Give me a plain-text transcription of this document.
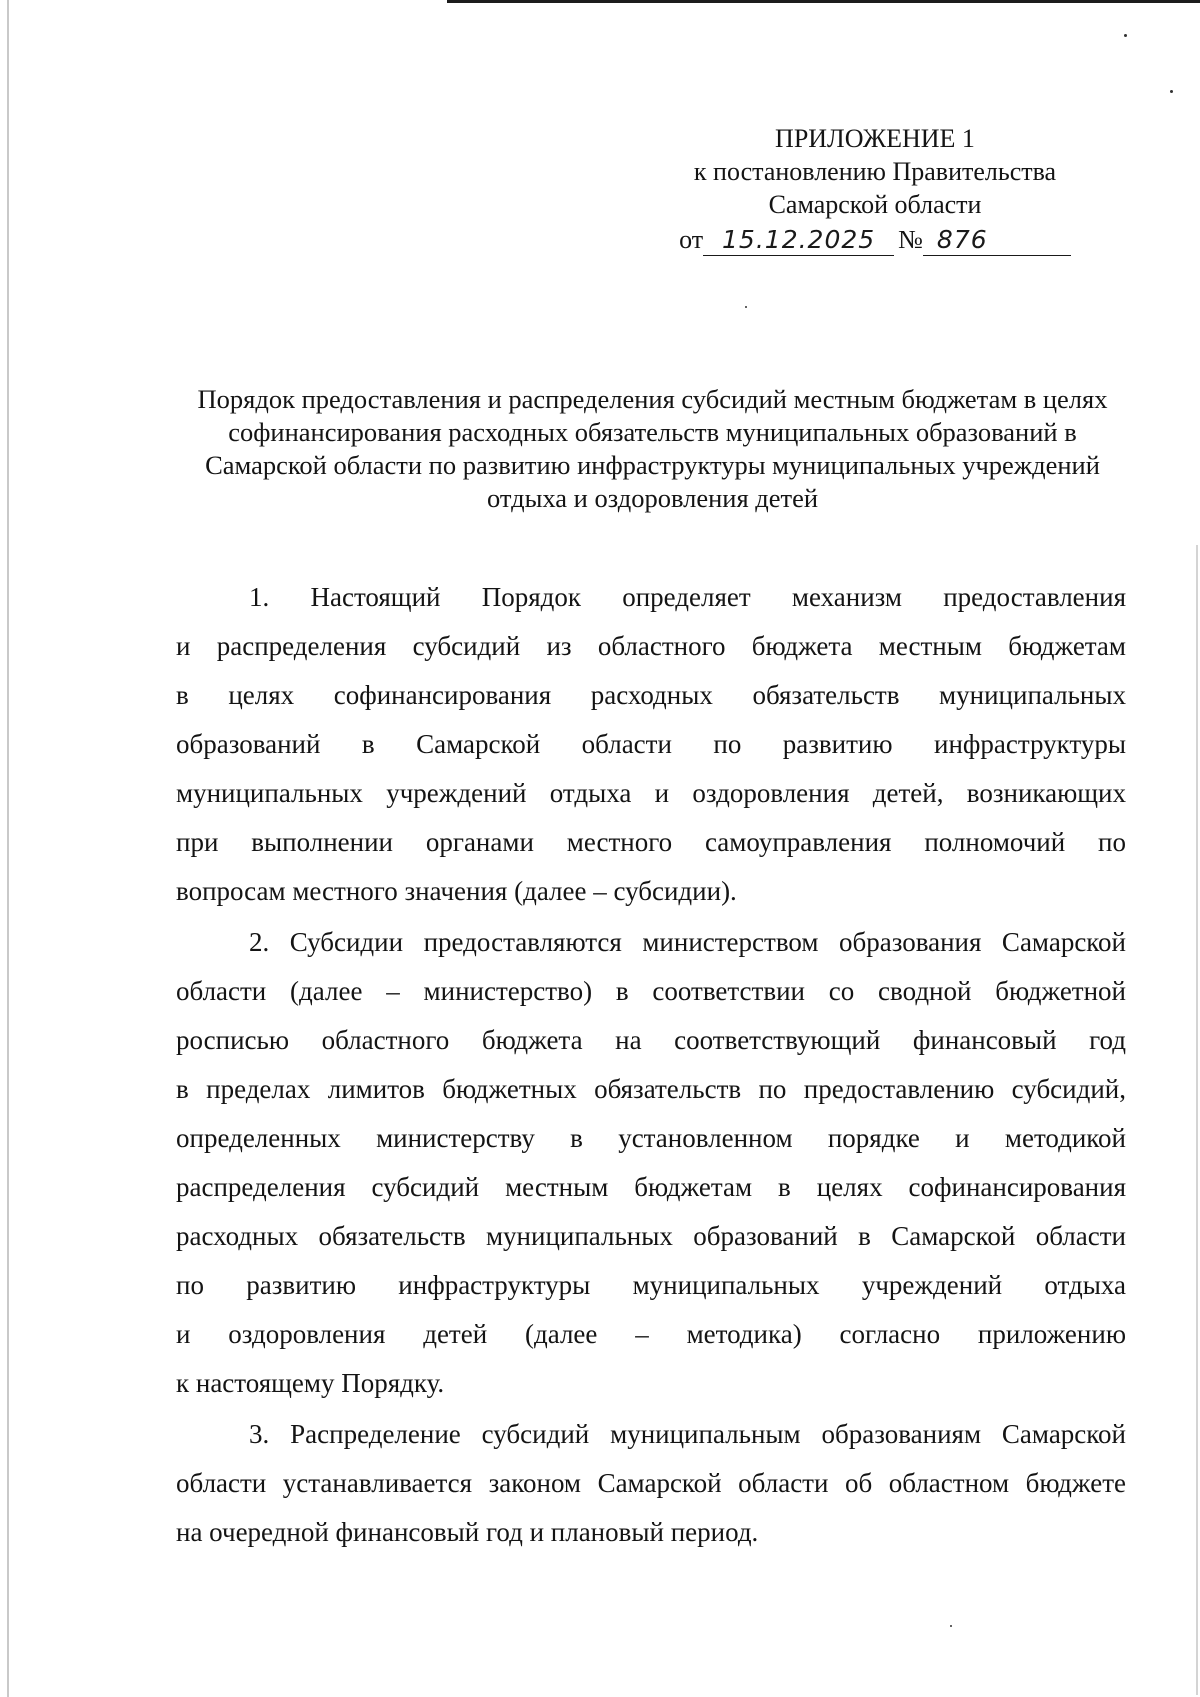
ПРИЛОЖЕНИЕ 1
к постановлению Правительства
Самарской области
от 15.12.2025 № 876
Порядок предоставления и распределения субсидий местным бюджетам в целях
софинансирования расходных обязательств муниципальных образований в
Самарской области по развитию инфраструктуры муниципальных учреждений
отдыха и оздоровления детей
1. Настоящий Порядок определяет механизм предоставления
и распределения субсидий из областного бюджета местным бюджетам
в целях софинансирования расходных обязательств муниципальных
образований в Самарской области по развитию инфраструктуры
муниципальных учреждений отдыха и оздоровления детей, возникающих
при выполнении органами местного самоуправления полномочий по
вопросам местного значения (далее – субсидии).
2. Субсидии предоставляются министерством образования Самарской
области (далее – министерство) в соответствии со сводной бюджетной
росписью областного бюджета на соответствующий финансовый год
в пределах лимитов бюджетных обязательств по предоставлению субсидий,
определенных министерству в установленном порядке и методикой
распределения субсидий местным бюджетам в целях софинансирования
расходных обязательств муниципальных образований в Самарской области
по развитию инфраструктуры муниципальных учреждений отдыха
и оздоровления детей (далее – методика) согласно приложению
к настоящему Порядку.
3. Распределение субсидий муниципальным образованиям Самарской
области устанавливается законом Самарской области об областном бюджете
на очередной финансовый год и плановый период.
